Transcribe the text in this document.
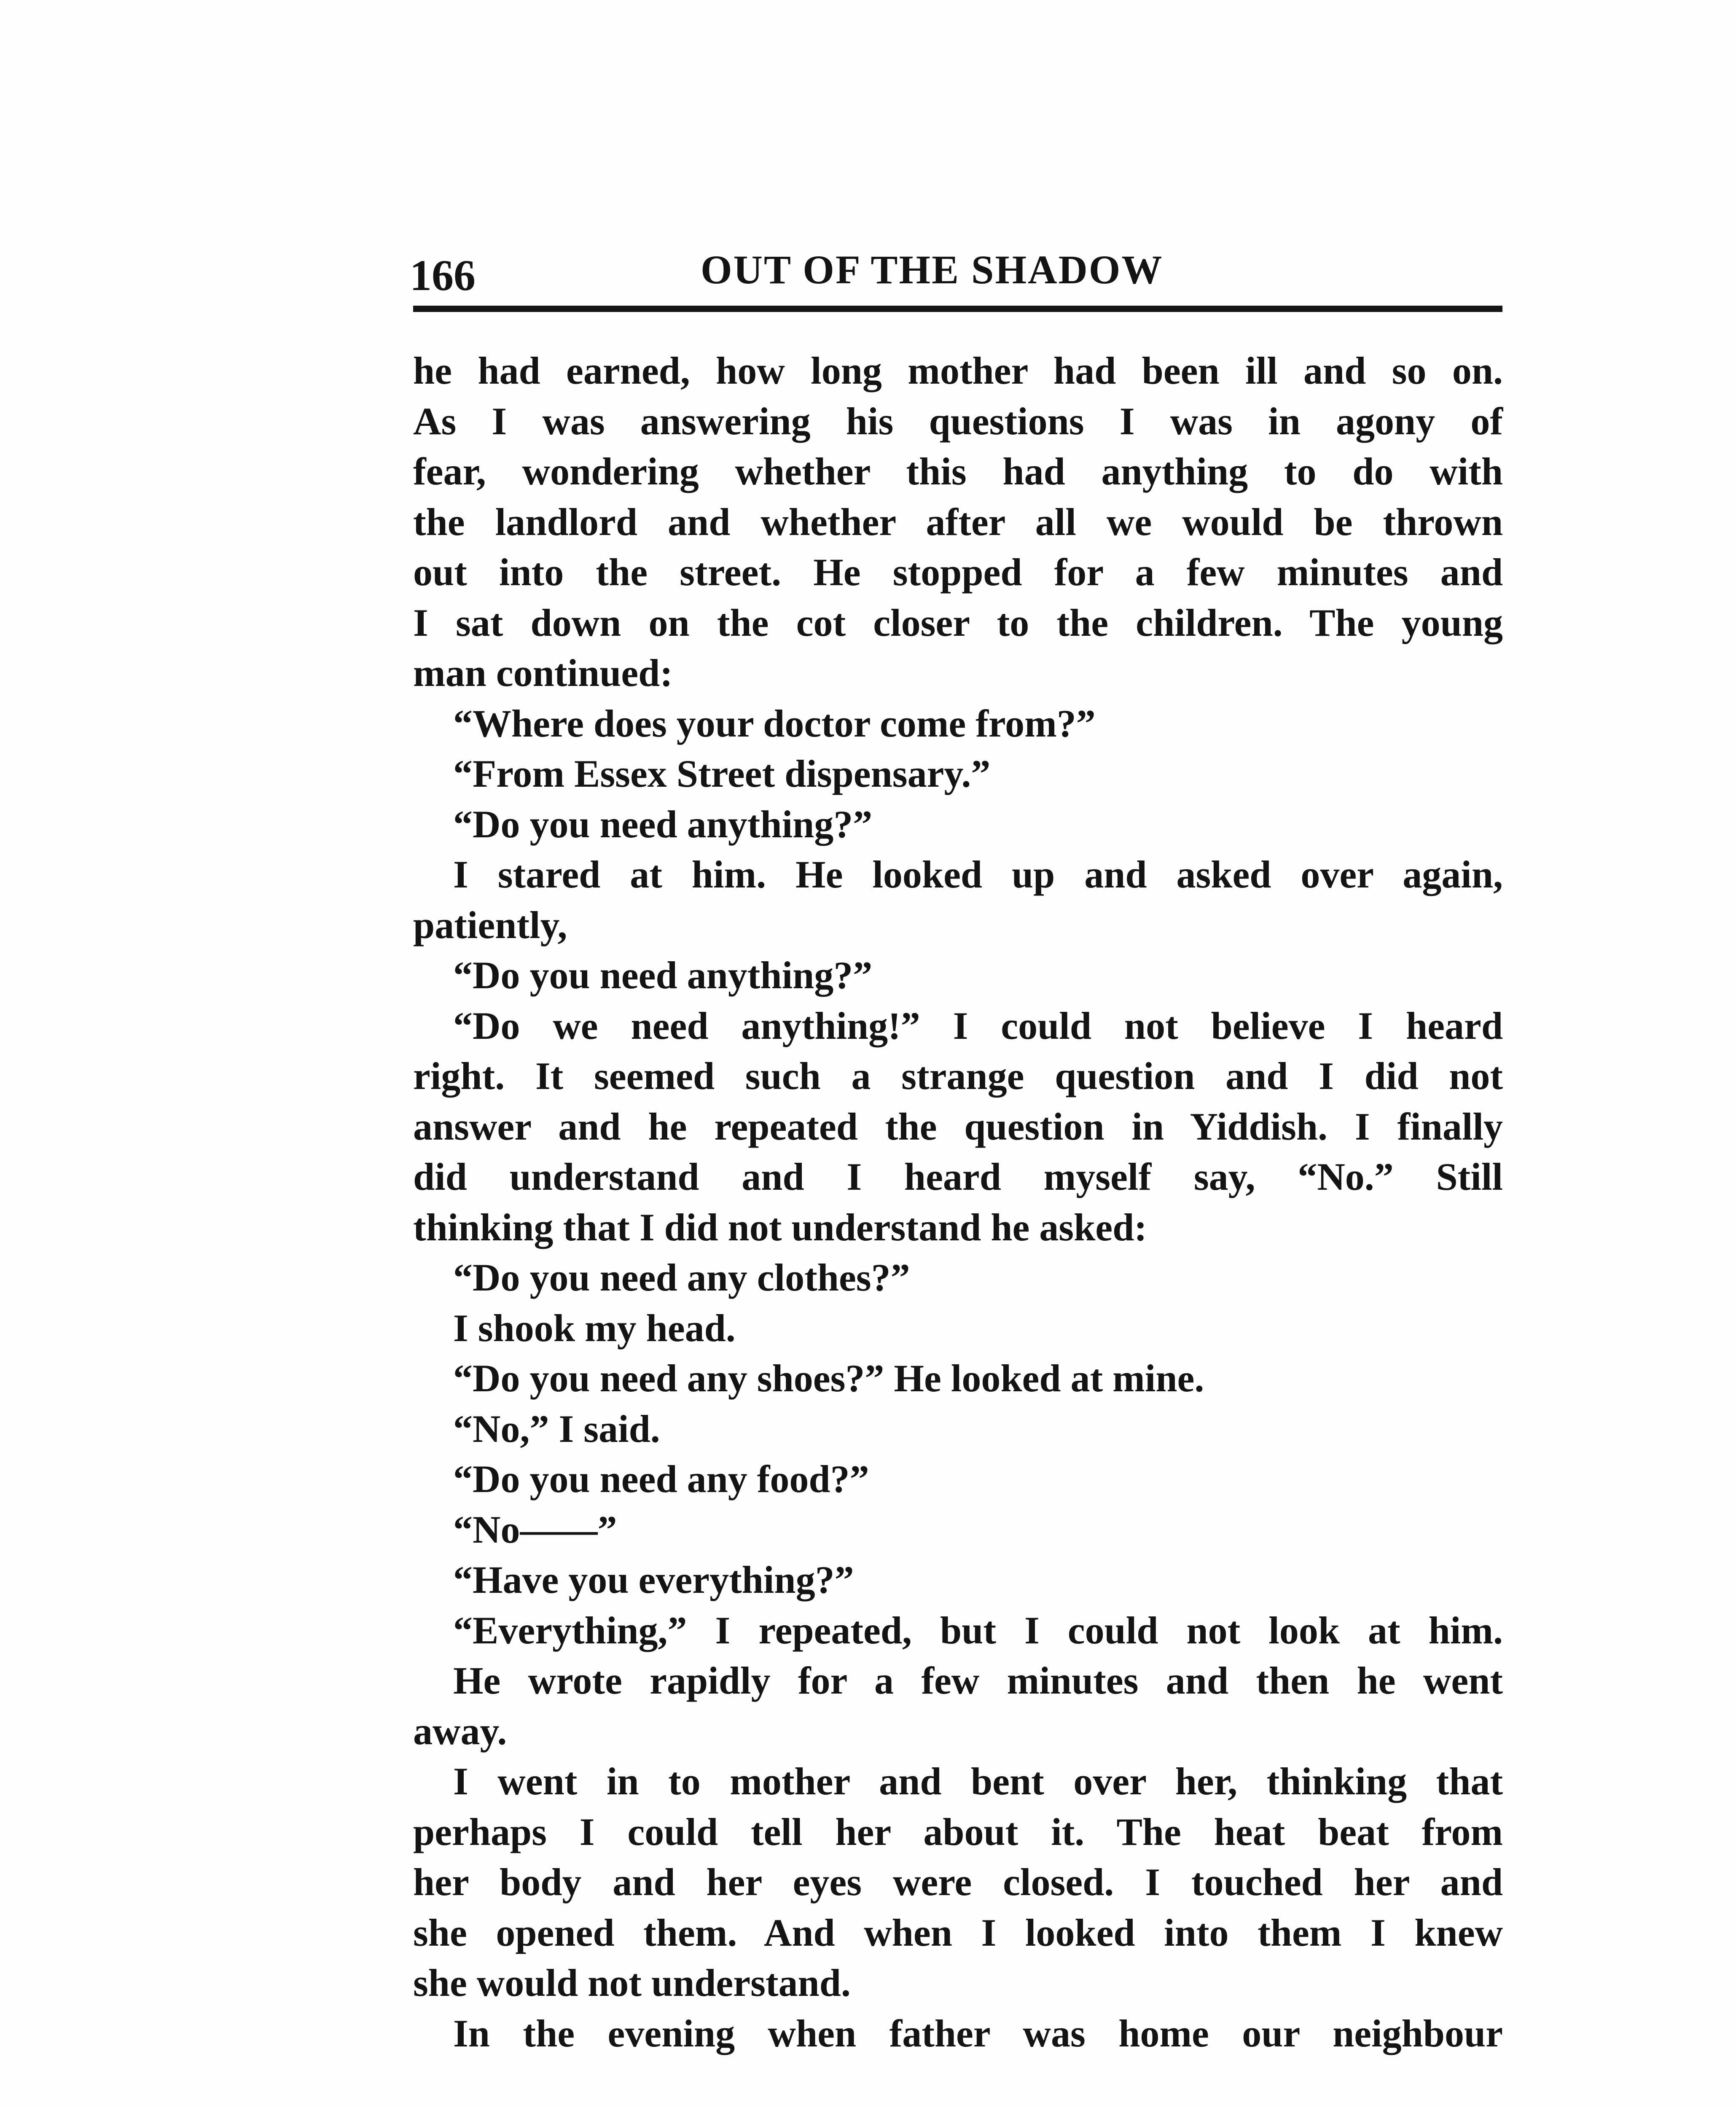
166	OUT OF THE SHADOW
he had earned, how long mother had been ill and so on.
As I was answering his questions I was in agony of
fear, wondering whether this had anything to do with
the landlord and whether after all we would be thrown
out into the street. He stopped for a few minutes and
I sat down on the cot closer to the children. The young
man continued:
“Where does your doctor come from?”
“From Essex Street dispensary.”
“Do you need anything?”
I stared at him. He looked up and asked over again,
patiently,
“Do you need anything?”
“Do we need anything!” I could not believe I heard
right. It seemed such a strange question and I did not
answer and he repeated the question in Yiddish. I finally
did understand and I heard myself say, “No.” Still
thinking that I did not understand he asked:
“Do you need any clothes?”
I shook my head.
“Do you need any shoes?” He looked at mine.
“No,” I said.
“Do you need any food?”
“No——”
“Have you everything?”
“Everything,” I repeated, but I could not look at him.
He wrote rapidly for a few minutes and then he went
away.
I went in to mother and bent over her, thinking that
perhaps I could tell her about it. The heat beat from
her body and her eyes were closed. I touched her and
she opened them. And when I looked into them I knew
she would not understand.
In the evening when father was home our neighbour
